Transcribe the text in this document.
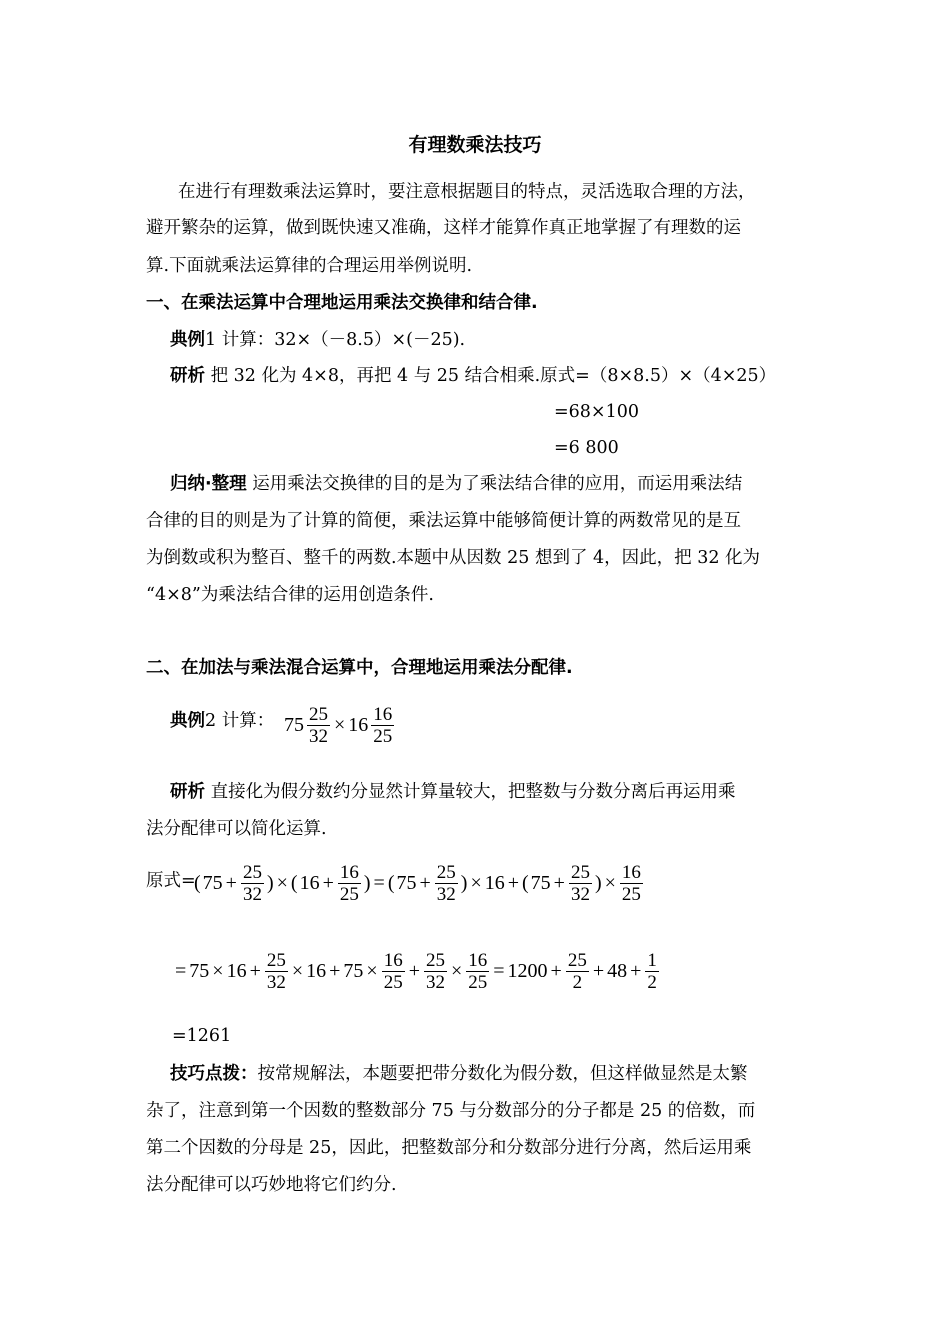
有理数乘法技巧
在进行有理数乘法运算时，要注意根据题目的特点，灵活选取合理的方法，
避开繁杂的运算，做到既快速又准确，这样才能算作真正地掌握了有理数的运
算.下面就乘法运算律的合理运用举例说明.
一、在乘法运算中合理地运用乘法交换律和结合律.
典例1 计算：32×（－8.5）×(－25).
研析 把 32 化为 4×8，再把 4 与 25 结合相乘.原式=（8×8.5）×（4×25）
=68×100
=6 800
归纳·整理 运用乘法交换律的目的是为了乘法结合律的应用，而运用乘法结
合律的目的则是为了计算的简便，乘法运算中能够简便计算的两数常见的是互
为倒数或积为整百、整千的两数.本题中从因数 25 想到了 4，因此，把 32 化为
“4×8”为乘法结合律的运用创造条件.
二、在加法与乘法混合运算中，合理地运用乘法分配律.
典例2 计算： $75 \frac{25}{32} \times 16 \frac{16}{25}$
研析 直接化为假分数约分显然计算量较大，把整数与分数分离后再运用乘
法分配律可以简化运算.
原式=
( $75 + \frac{25}{32}$ ) × ( $16 + \frac{16}{25}$ ) = ( $75 + \frac{25}{32}$ ) × 16 + ( $75 + \frac{25}{32}$ ) × $\frac{16}{25}$
= $75 \times 16 + \frac{25}{32} \times 16 + 75 \times \frac{16}{25} + \frac{25}{32} \times \frac{16}{25} = 1200 + \frac{25}{2} + 48 + \frac{1}{2}$
=1261
技巧点拨：按常规解法，本题要把带分数化为假分数，但这样做显然是太繁
杂了，注意到第一个因数的整数部分 75 与分数部分的分子都是 25 的倍数，而
第二个因数的分母是 25，因此，把整数部分和分数部分进行分离，然后运用乘
法分配律可以巧妙地将它们约分.
